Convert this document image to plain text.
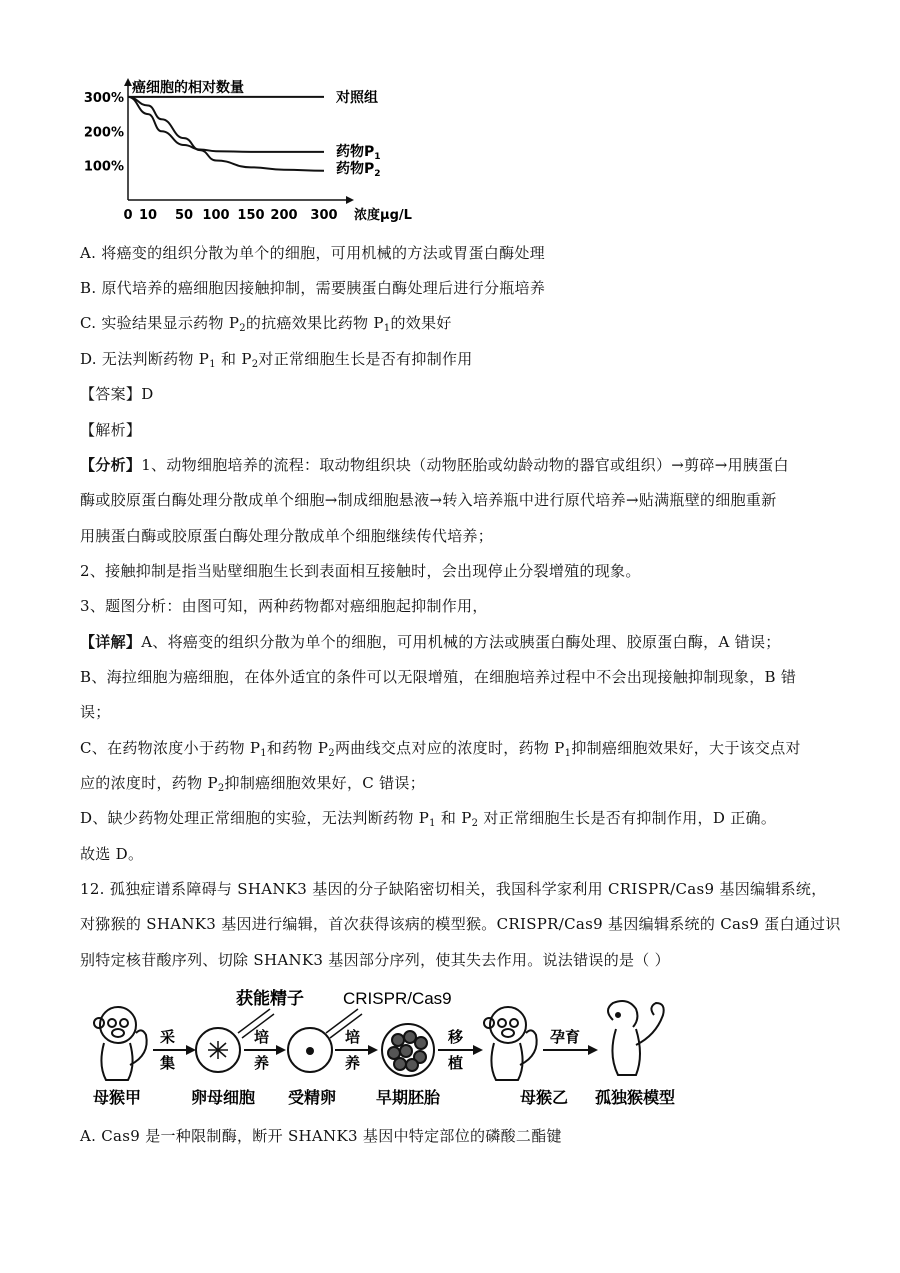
癌细胞的相对数量
浓度μg/L
100%
200%
300%
0 10 50 100 150 200 300
对照组
药物$P_1$
药物$P_2$
A. 将癌变的组织分散为单个的细胞，可用机械的方法或胃蛋白酶处理
B. 原代培养的癌细胞因接触抑制，需要胰蛋白酶处理后进行分瓶培养
C. 实验结果显示药物 $P_2$的抗癌效果比药物 $P_1$的效果好
D. 无法判断药物 $P_1$ 和 $P_2$对正常细胞生长是否有抑制作用
【答案】D
【解析】
【分析】1、动物细胞培养的流程：取动物组织块（动物胚胎或幼龄动物的器官或组织）→剪碎→用胰蛋白
酶或胶原蛋白酶处理分散成单个细胞→制成细胞悬液→转入培养瓶中进行原代培养→贴满瓶壁的细胞重新
用胰蛋白酶或胶原蛋白酶处理分散成单个细胞继续传代培养；
2、接触抑制是指当贴壁细胞生长到表面相互接触时，会出现停止分裂增殖的现象。
3、题图分析：由图可知，两种药物都对癌细胞起抑制作用，
【详解】A、将癌变的组织分散为单个的细胞，可用机械的方法或胰蛋白酶处理、胶原蛋白酶，A 错误；
B、海拉细胞为癌细胞，在体外适宜的条件可以无限增殖，在细胞培养过程中不会出现接触抑制现象，B 错
误；
C、在药物浓度小于药物 $P_1$和药物 $P_2$两曲线交点对应的浓度时，药物 $P_1$抑制癌细胞效果好，大于该交点对
应的浓度时，药物 $P_2$抑制癌细胞效果好，C 错误；
D、缺少药物处理正常细胞的实验，无法判断药物 $P_1$ 和 $P_2$ 对正常细胞生长是否有抑制作用，D 正确。
故选 D。
12. 孤独症谱系障碍与 SHANK3 基因的分子缺陷密切相关，我国科学家利用 CRISPR/Cas9 基因编辑系统，
对猕猴的 SHANK3 基因进行编辑，首次获得该病的模型猴。CRISPR/Cas9 基因编辑系统的 Cas9 蛋白通过识
别特定核苷酸序列、切除 SHANK3 基因部分序列，使其失去作用。说法错误的是（ ）
母猴甲
采
集
获能精子
卵母细胞
培
养
CRISPR/Cas9
受精卵
培
养
早期胚胎
移
植
母猴乙
孕育
孤独猴模型
A. Cas9 是一种限制酶，断开 SHANK3 基因中特定部位的磷酸二酯键
